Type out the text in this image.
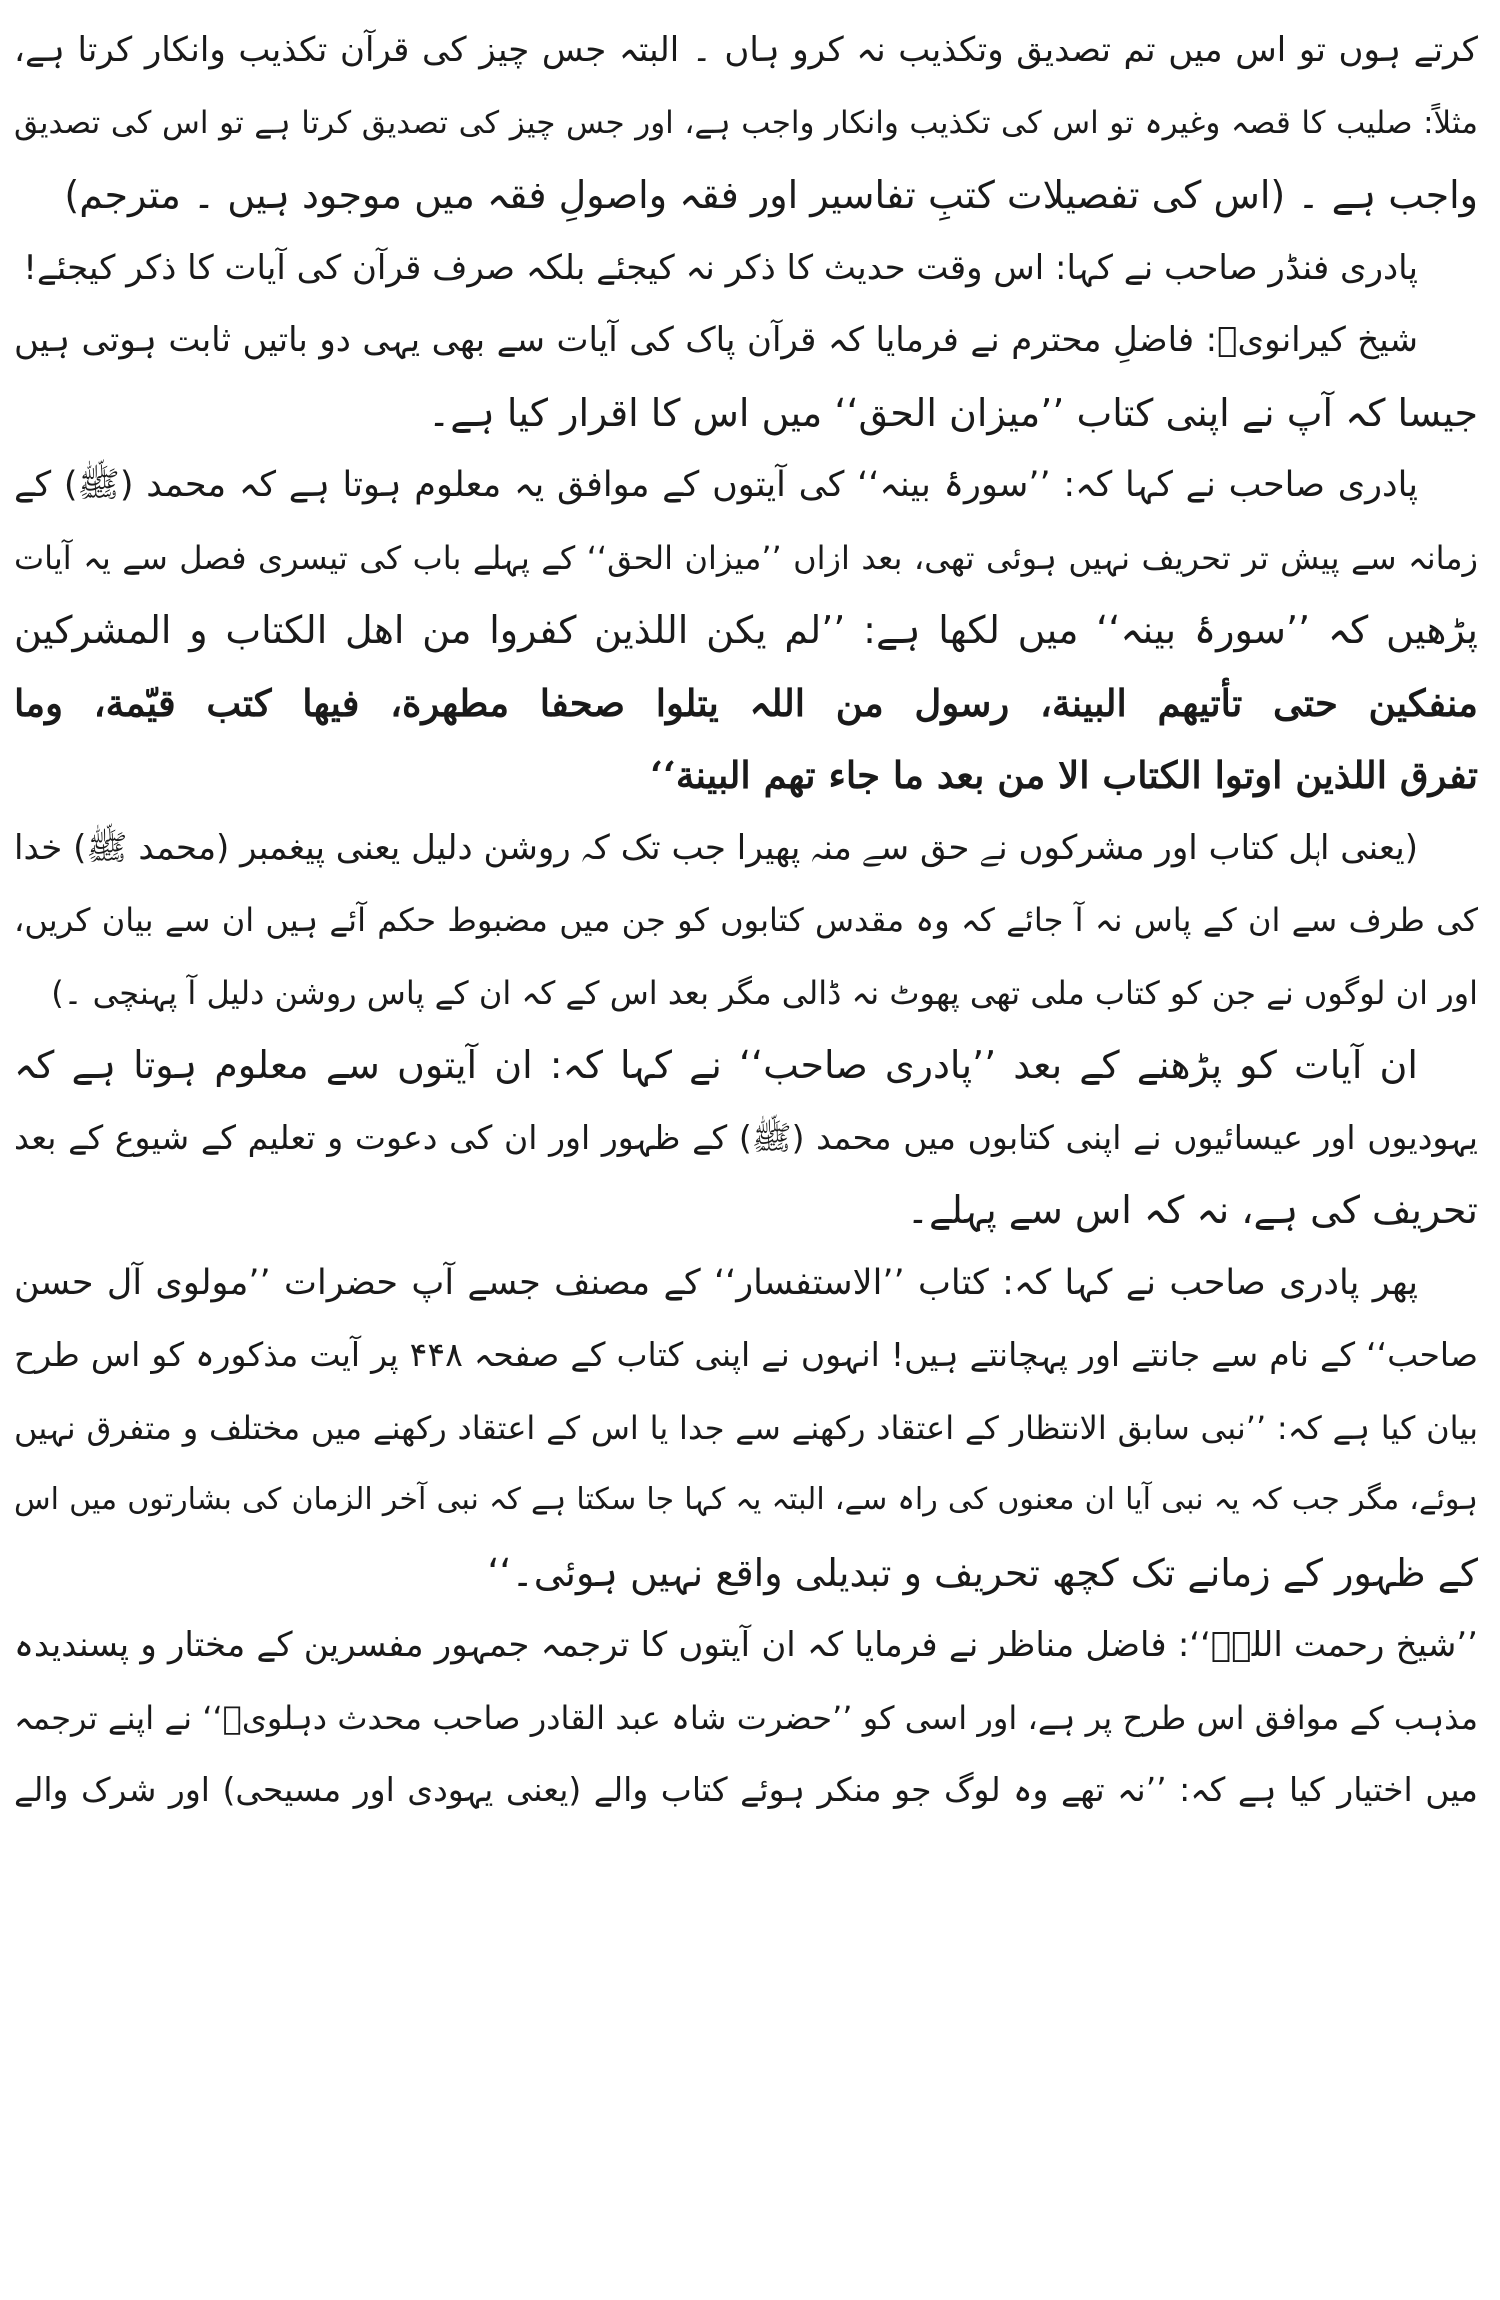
کرتے ہوں تو اس میں تم تصدیق وتکذیب نہ کرو ہاں ۔ البتہ جس چیز کی قرآن تکذیب وانکار کرتا ہے،
مثلاً: صلیب کا قصہ وغیرہ تو اس کی تکذیب وانکار واجب ہے، اور جس چیز کی تصدیق کرتا ہے تو اس کی تصدیق
واجب ہے ۔ (اس کی تفصیلات کتبِ تفاسیر اور فقہ واصولِ فقہ میں موجود ہیں ۔ مترجم)
پادری فنڈر صاحب نے کہا: اس وقت حدیث کا ذکر نہ کیجئے بلکہ صرف قرآن کی آیات کا ذکر کیجئے!
شیخ کیرانویؒ: فاضلِ محترم نے فرمایا کہ قرآن پاک کی آیات سے بھی یہی دو باتیں ثابت ہوتی ہیں
جیسا کہ آپ نے اپنی کتاب ’’میزان الحق‘‘ میں اس کا اقرار کیا ہے۔
پادری صاحب نے کہا کہ: ’’سورۂ بینہ‘‘ کی آیتوں کے موافق یہ معلوم ہوتا ہے کہ محمد (ﷺ) کے
زمانہ سے پیش تر تحریف نہیں ہوئی تھی، بعد ازاں ’’میزان الحق‘‘ کے پہلے باب کی تیسری فصل سے یہ آیات
پڑھیں کہ ’’سورۂ بینہ‘‘ میں لکھا ہے: ’’لم یکن اللذین کفروا من اھل الکتاب و المشرکین
منفکین حتی تأتیھم البینة، رسول من اللہ یتلوا صحفا مطھرة، فیھا کتب قیّمة، وما
تفرق اللذین اوتوا الکتاب الا من بعد ما جاء تھم البینة‘‘
(یعنی اہل کتاب اور مشرکوں نے حق سے منہ پھیرا جب تک کہ روشن دلیل یعنی پیغمبر (محمد ﷺ) خدا
کی طرف سے ان کے پاس نہ آ جائے کہ وہ مقدس کتابوں کو جن میں مضبوط حکم آئے ہیں ان سے بیان کریں،
اور ان لوگوں نے جن کو کتاب ملی تھی پھوٹ نہ ڈالی مگر بعد اس کے کہ ان کے پاس روشن دلیل آ پہنچی ۔)
ان آیات کو پڑھنے کے بعد ’’پادری صاحب‘‘ نے کہا کہ: ان آیتوں سے معلوم ہوتا ہے کہ
یہودیوں اور عیسائیوں نے اپنی کتابوں میں محمد (ﷺ) کے ظہور اور ان کی دعوت و تعلیم کے شیوع کے بعد
تحریف کی ہے، نہ کہ اس سے پہلے۔
پھر پادری صاحب نے کہا کہ: کتاب ’’الاستفسار‘‘ کے مصنف جسے آپ حضرات ’’مولوی آل حسن
صاحب‘‘ کے نام سے جانتے اور پہچانتے ہیں! انہوں نے اپنی کتاب کے صفحہ ۴۴۸ پر آیت مذکورہ کو اس طرح
بیان کیا ہے کہ: ’’نبی سابق الانتظار کے اعتقاد رکھنے سے جدا یا اس کے اعتقاد رکھنے میں مختلف و متفرق نہیں
ہوئے، مگر جب کہ یہ نبی آیا ان معنوں کی راہ سے، البتہ یہ کہا جا سکتا ہے کہ نبی آخر الزمان کی بشارتوں میں اس
کے ظہور کے زمانے تک کچھ تحریف و تبدیلی واقع نہیں ہوئی۔‘‘
’’شیخ رحمت اللہؒ‘‘: فاضل مناظر نے فرمایا کہ ان آیتوں کا ترجمہ جمہور مفسرین کے مختار و پسندیدہ
مذہب کے موافق اس طرح پر ہے، اور اسی کو ’’حضرت شاہ عبد القادر صاحب محدث دہلویؒ‘‘ نے اپنے ترجمہ
میں اختیار کیا ہے کہ: ’’نہ تھے وہ لوگ جو منکر ہوئے کتاب والے (یعنی یہودی اور مسیحی) اور شرک والے
